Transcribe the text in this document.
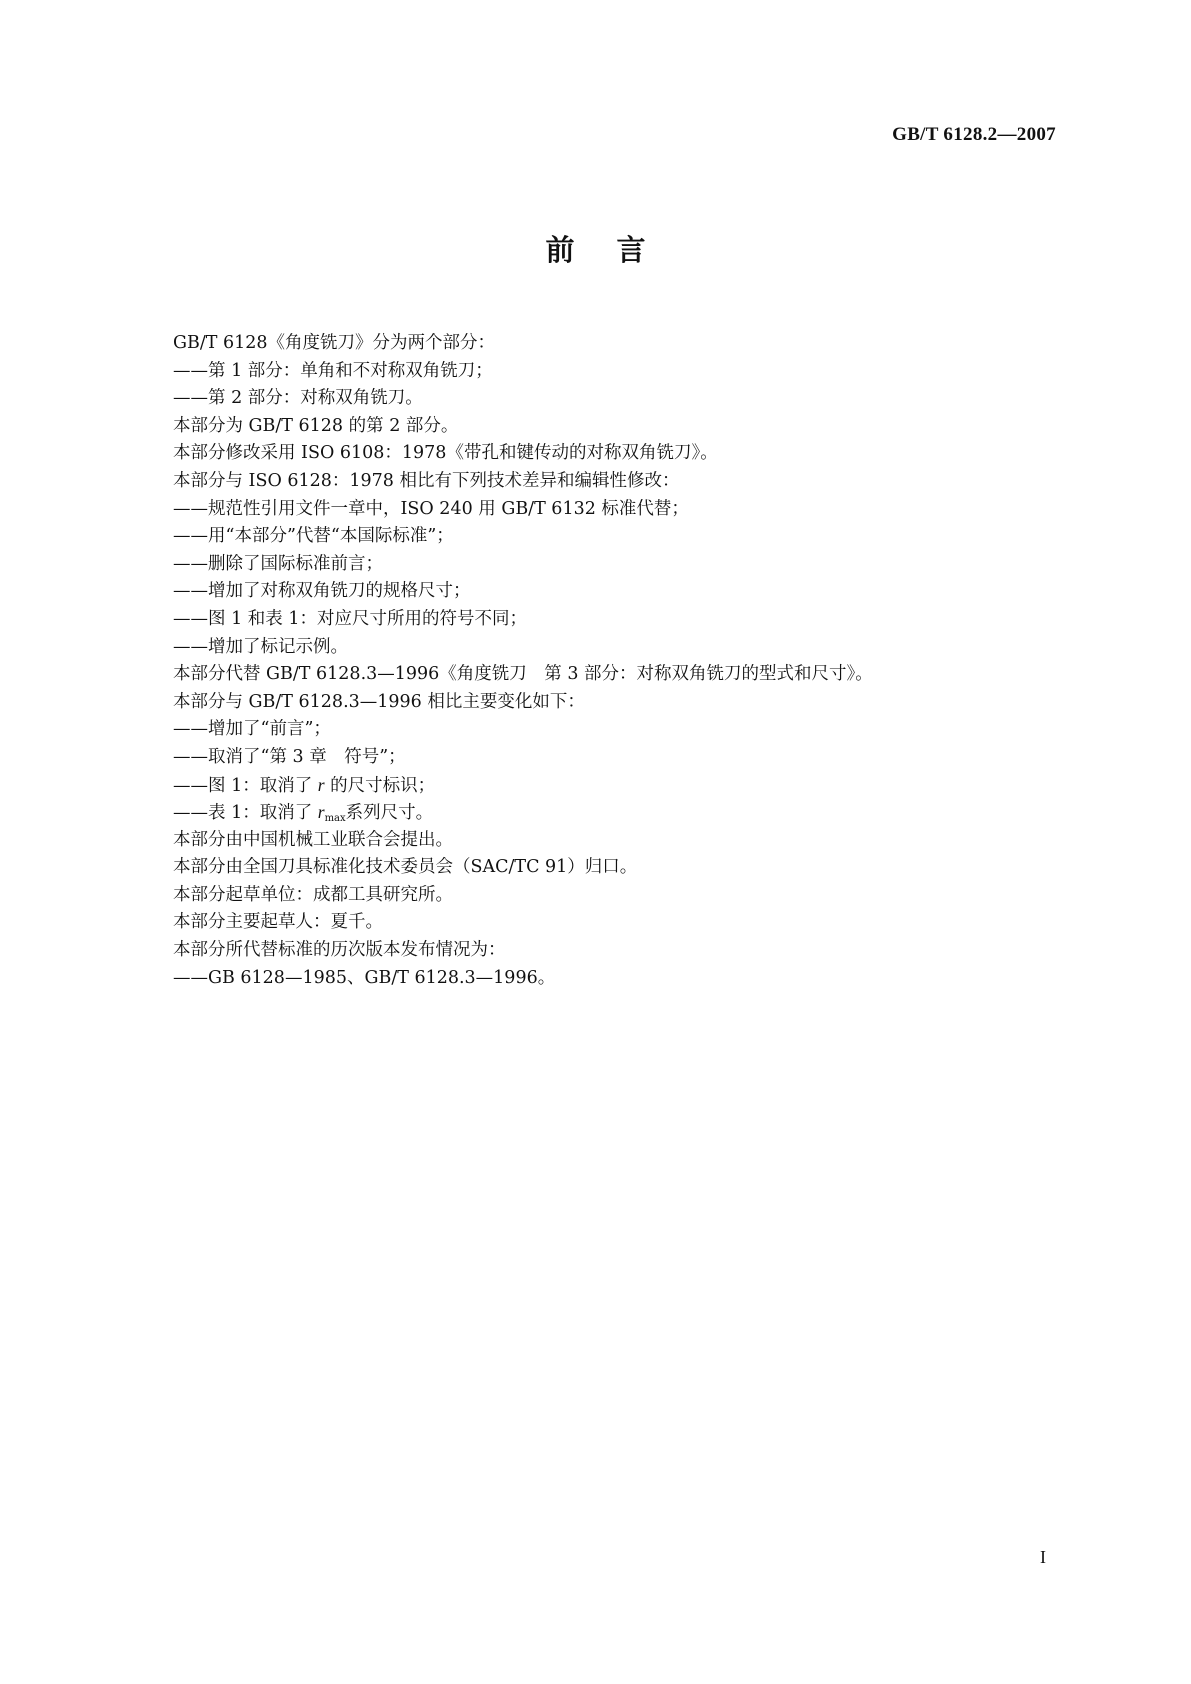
GB/T 6128.2—2007
前言
GB/T 6128《角度铣刀》分为两个部分：
——第 1 部分：单角和不对称双角铣刀；
——第 2 部分：对称双角铣刀。
本部分为 GB/T 6128 的第 2 部分。
本部分修改采用 ISO 6108：1978《带孔和键传动的对称双角铣刀》。
本部分与 ISO 6128：1978 相比有下列技术差异和编辑性修改：
——规范性引用文件一章中，ISO 240 用 GB/T 6132 标准代替；
——用“本部分”代替“本国际标准”；
——删除了国际标准前言；
——增加了对称双角铣刀的规格尺寸；
——图 1 和表 1：对应尺寸所用的符号不同；
——增加了标记示例。
本部分代替 GB/T 6128.3—1996《角度铣刀　第 3 部分：对称双角铣刀的型式和尺寸》。
本部分与 GB/T 6128.3—1996 相比主要变化如下：
——增加了“前言”；
——取消了“第 3 章　符号”；
——图 1：取消了 r 的尺寸标识；
——表 1：取消了 $r_{max}$系列尺寸。
本部分由中国机械工业联合会提出。
本部分由全国刀具标准化技术委员会（SAC/TC 91）归口。
本部分起草单位：成都工具研究所。
本部分主要起草人：夏千。
本部分所代替标准的历次版本发布情况为：
——GB 6128—1985、GB/T 6128.3—1996。
I
